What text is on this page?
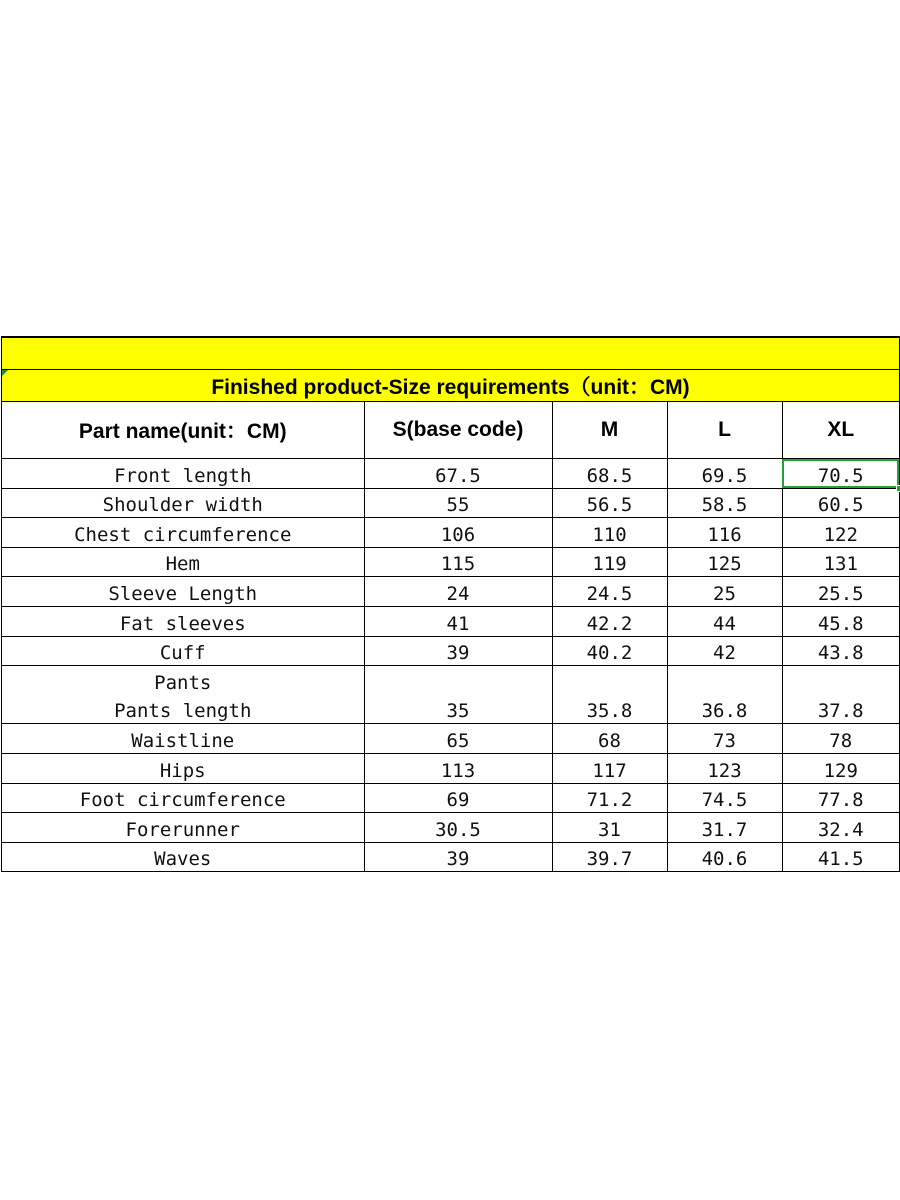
Finished product-Size requirements（unit：CM)
Part name(unit：CM)	S(base code)	M	L	XL
Front length	67.5	68.5	69.5	70.5

Shoulder width	55	56.5	58.5	60.5
Chest circumference	106	110	116	122
Hem	115	119	125	131
Sleeve Length	24	24.5	25	25.5
Fat sleeves	41	42.2	44	45.8
Cuff	39	40.2	42	43.8
Pants				
Pants length	35	35.8	36.8	37.8
Waistline	65	68	73	78
Hips	113	117	123	129
Foot circumference	69	71.2	74.5	77.8
Forerunner	30.5	31	31.7	32.4
Waves	39	39.7	40.6	41.5
